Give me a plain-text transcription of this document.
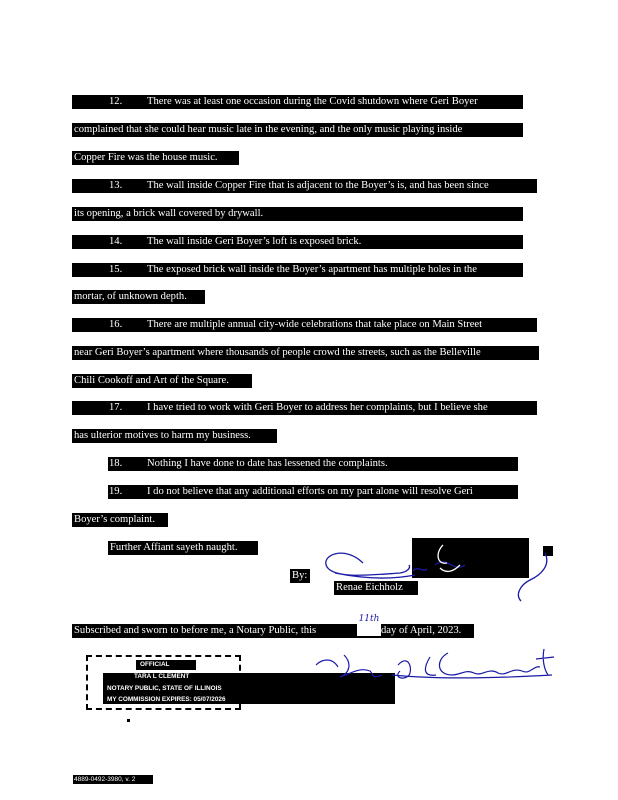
12. There was at least one occasion during the Covid shutdown where Geri Boyer
complained that she could hear music late in the evening, and the only music playing inside
Copper Fire was the house music.
13. The wall inside Copper Fire that is adjacent to the Boyer’s is, and has been since
its opening, a brick wall covered by drywall.
14. The wall inside Geri Boyer’s loft is exposed brick.
15. The exposed brick wall inside the Boyer’s apartment has multiple holes in the
mortar, of unknown depth.
16. There are multiple annual city-wide celebrations that take place on Main Street
near Geri Boyer’s apartment where thousands of people crowd the streets, such as the Belleville
Chili Cookoff and Art of the Square.
17. I have tried to work with Geri Boyer to address her complaints, but I believe she
has ulterior motives to harm my business.
18. Nothing I have done to date has lessened the complaints.
19. I do not believe that any additional efforts on my part alone will resolve Geri
Boyer’s complaint.
Further Affiant sayeth naught.
By:
Renae Eichholz
Subscribed and sworn to before me, a Notary Public, this	day of April, 2023.
11th
OFFICIAL
TARA L CLEMENT
NOTARY PUBLIC, STATE OF ILLINOIS
MY COMMISSION EXPIRES: 05/07/2026
Notary Public
4889-0492-3980, v. 2
